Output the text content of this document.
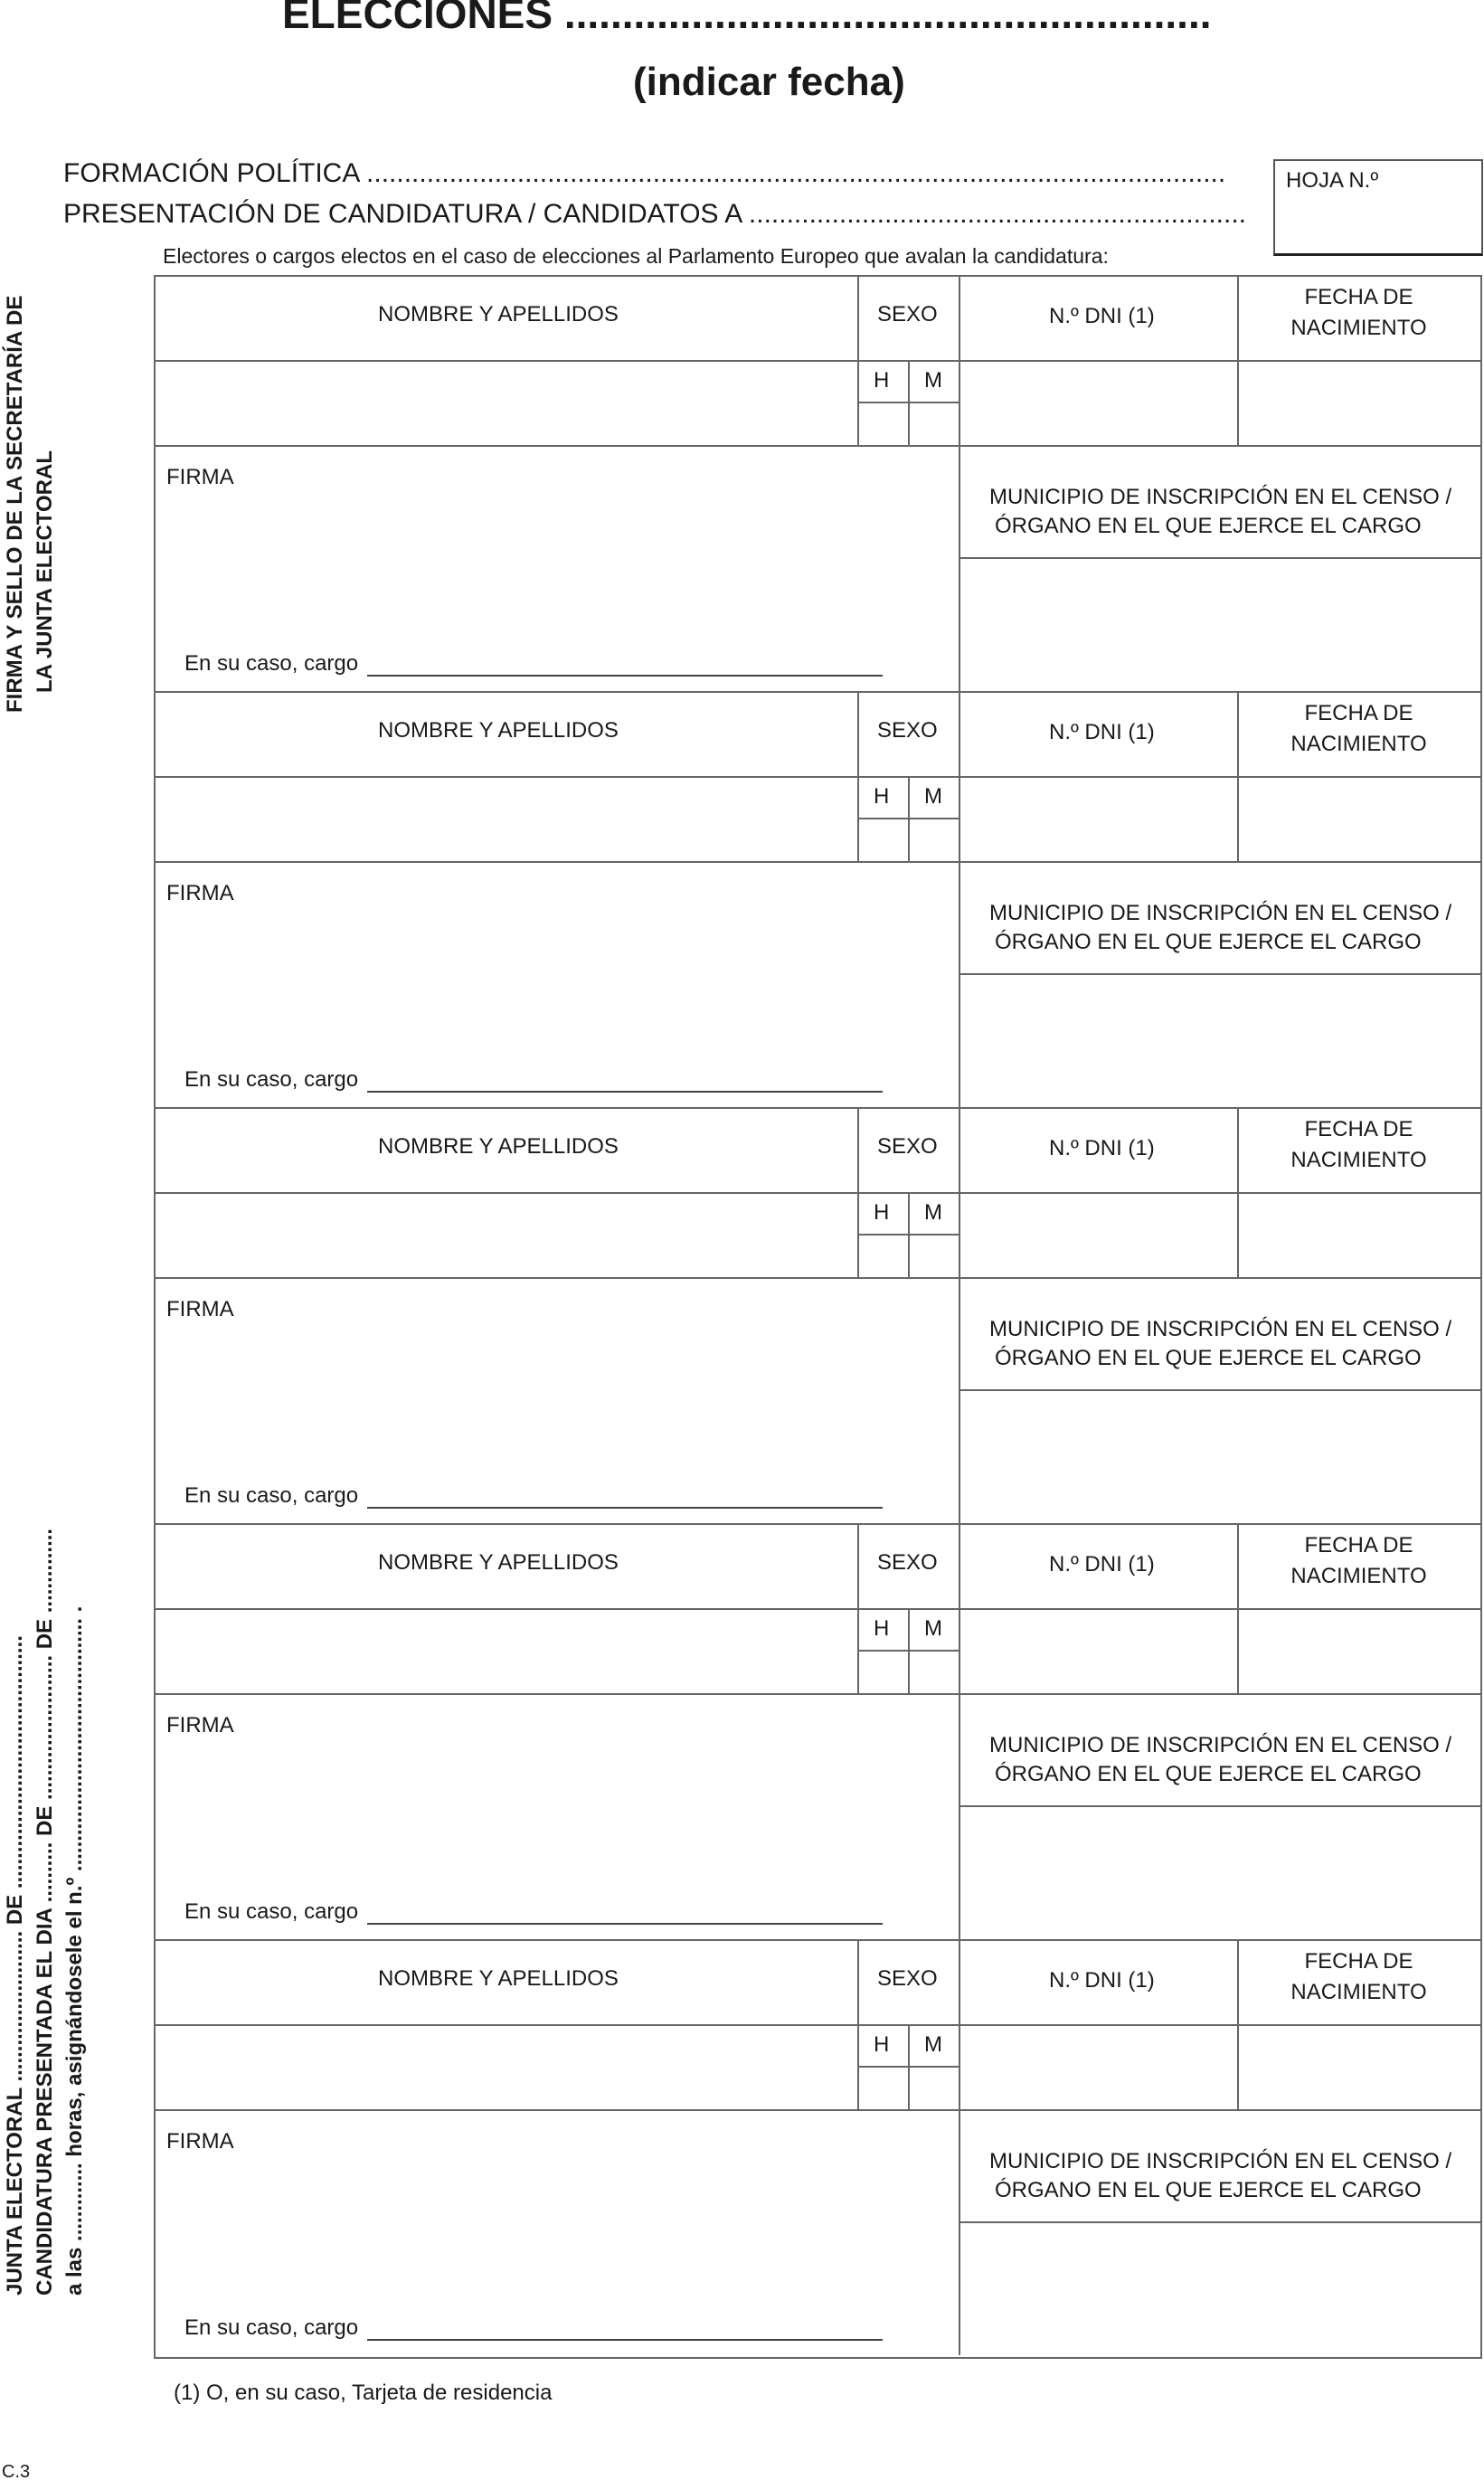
ELECCIONES ........................................................
(indicar fecha)
FORMACIÓN POLÍTICA ..................................................................................................................
PRESENTACIÓN DE CANDIDATURA / CANDIDATOS A ..................................................................
Electores o cargos electos en el caso de elecciones al Parlamento Europeo que avalan la candidatura:
HOJA N.º
FIRMA Y SELLO DE LA SECRETARÍA DE LA JUNTA ELECTORAL
JUNTA ELECTORAL ......................... DE .......................................... CANDIDATURA PRESENTADA EL DIA .......... DE ........................ DE .............. a las ............. horas, asignándosele el n.º .......................................... .
NOMBRE Y APELLIDOS	SEXO	N.º DNI (1)
FECHA DE
NACIMIENTO
H M
FIRMA
MUNICIPIO DE INSCRIPCIÓN EN EL CENSO /
ÓRGANO EN EL QUE EJERCE EL CARGO
En su caso, cargo
NOMBRE Y APELLIDOS	SEXO	N.º DNI (1)
FECHA DE
NACIMIENTO
H M
FIRMA
MUNICIPIO DE INSCRIPCIÓN EN EL CENSO /
ÓRGANO EN EL QUE EJERCE EL CARGO
En su caso, cargo
NOMBRE Y APELLIDOS	SEXO	N.º DNI (1)
FECHA DE
NACIMIENTO
H M
FIRMA
MUNICIPIO DE INSCRIPCIÓN EN EL CENSO /
ÓRGANO EN EL QUE EJERCE EL CARGO
En su caso, cargo
NOMBRE Y APELLIDOS	SEXO	N.º DNI (1)
FECHA DE
NACIMIENTO
H M
FIRMA
MUNICIPIO DE INSCRIPCIÓN EN EL CENSO /
ÓRGANO EN EL QUE EJERCE EL CARGO
En su caso, cargo
NOMBRE Y APELLIDOS	SEXO	N.º DNI (1)
FECHA DE
NACIMIENTO
H M
FIRMA
MUNICIPIO DE INSCRIPCIÓN EN EL CENSO /
ÓRGANO EN EL QUE EJERCE EL CARGO
En su caso, cargo
(1) O, en su caso, Tarjeta de residencia
C.3
